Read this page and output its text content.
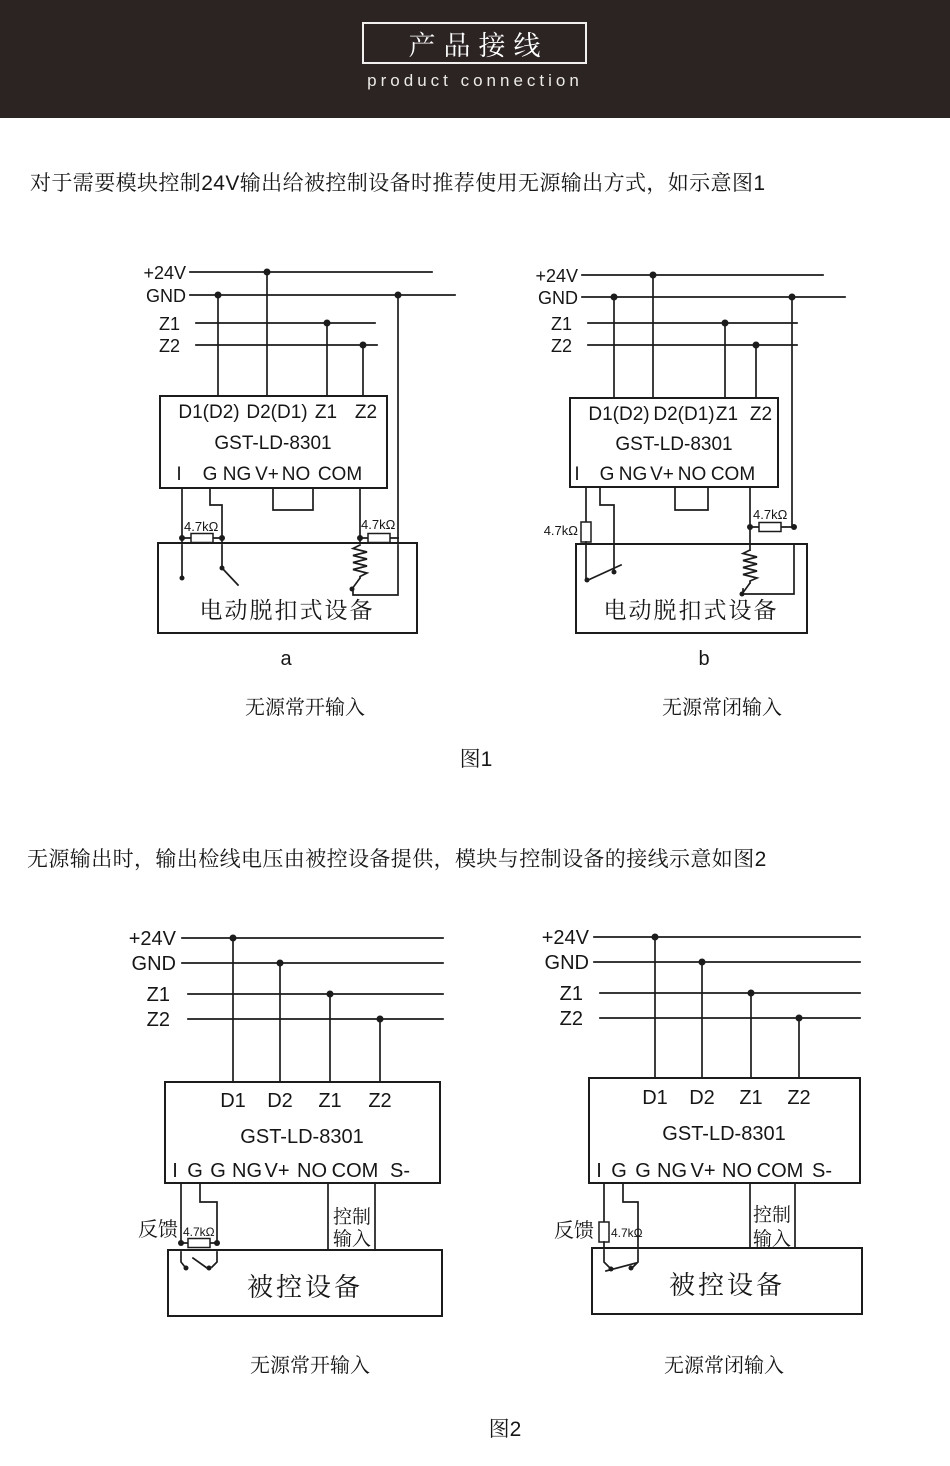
产品接线
product connection

对于需要模块控制24V输出给被控制设备时推荐使用无源输出方式，如示意图1

无源输出时，输出检线电压由被控设备提供，模块与控制设备的接线示意如图2

+24V
GND
Z1
Z2
D1(D2) D2(D1) Z1 Z2
GST-LD-8301
I G NG V+ NO COM
4.7kΩ	4.7kΩ
电动脱扣式设备
+24V
GND
Z1
Z2
D1(D2) D2(D1) Z1 Z2
GST-LD-8301
I G NG V+ NO COM
4.7kΩ
4.7kΩ
电动脱扣式设备
a	b
无源常开输入	无源常闭输入
图1
+24V
GND
Z1
Z2
D1 D2 Z1 Z2
GST-LD-8301
I G G NG V+ NO COM S-
反馈 4.7kΩ
控制
输入
被控设备
+24V
GND
Z1
Z2
D1 D2 Z1 Z2
GST-LD-8301
I G G NG V+ NO COM S-
反馈 4.7kΩ
控制
输入
被控设备
无源常开输入	无源常闭输入
图2
